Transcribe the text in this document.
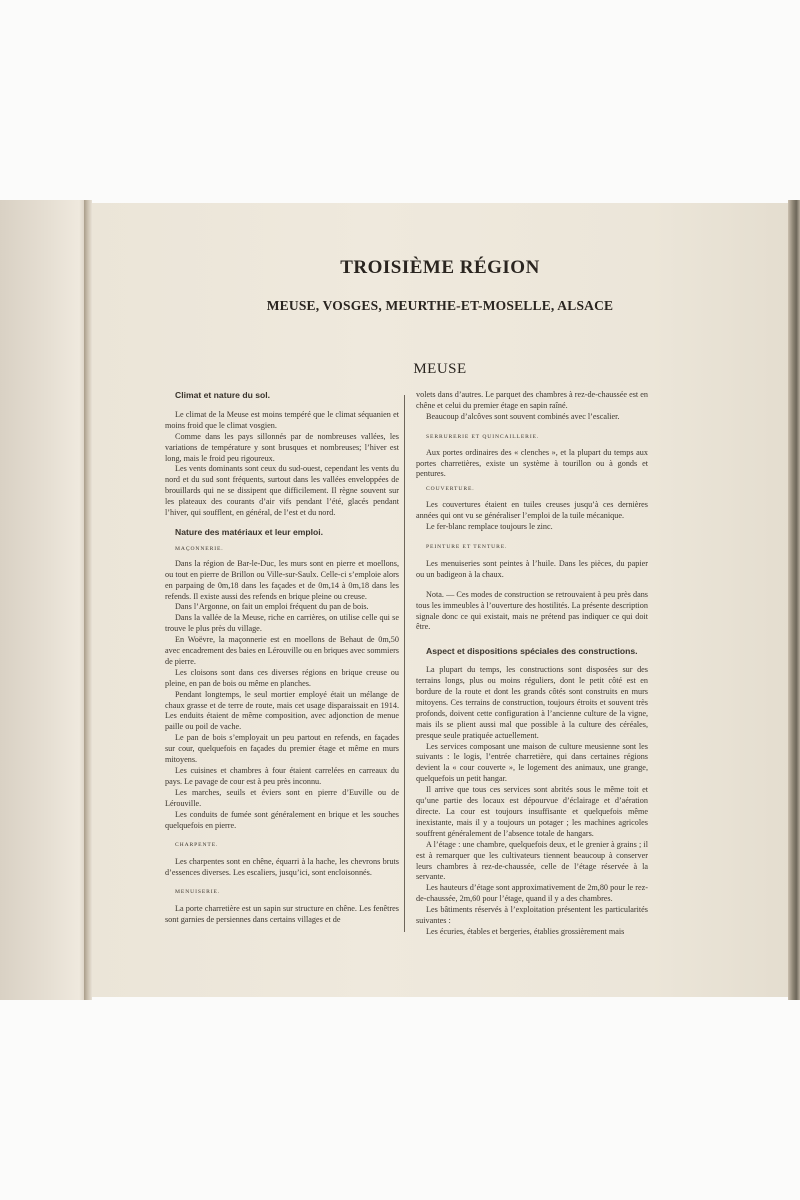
TROISIÈME RÉGION
MEUSE, VOSGES, MEURTHE-ET-MOSELLE, ALSACE
MEUSE

Climat et nature du sol.

Le climat de la Meuse est moins tempéré que le climat séquanien et moins froid que le climat vosgien.

Comme dans les pays sillonnés par de nombreuses vallées, les variations de température y sont brusques et nombreuses; l’hiver est long, mais le froid peu rigoureux.

Les vents dominants sont ceux du sud-ouest, cependant les vents du nord et du sud sont fréquents, surtout dans les vallées enveloppées de brouillards qui ne se dissipent que difficilement. Il règne souvent sur les plateaux des courants d’air vifs pendant l’été, glacés pendant l’hiver, qui soufflent, en général, de l’est et du nord.

Nature des matériaux et leur emploi.

MAÇONNERIE.

Dans la région de Bar-le-Duc, les murs sont en pierre et moellons, ou tout en pierre de Brillon ou Ville-sur-Saulx. Celle-ci s’emploie alors en parpaing de 0m,18 dans les façades et de 0m,14 à 0m,18 dans les refends. Il existe aussi des refends en brique pleine ou creuse.

Dans l’Argonne, on fait un emploi fréquent du pan de bois.

Dans la vallée de la Meuse, riche en carrières, on utilise celle qui se trouve le plus près du village.

En Woëvre, la maçonnerie est en moellons de Behaut de 0m,50 avec encadrement des baies en Lérouville ou en briques avec sommiers de pierre.

Les cloisons sont dans ces diverses régions en brique creuse ou pleine, en pan de bois ou même en planches.

Pendant longtemps, le seul mortier employé était un mélange de chaux grasse et de terre de route, mais cet usage disparaissait en 1914. Les enduits étaient de même composition, avec adjonction de menue paille ou poil de vache.

Le pan de bois s’employait un peu partout en refends, en façades sur cour, quelquefois en façades du premier étage et même en murs mitoyens.

Les cuisines et chambres à four étaient carrelées en carreaux du pays. Le pavage de cour est à peu près inconnu.

Les marches, seuils et éviers sont en pierre d’Euville ou de Lérouville.

Les conduits de fumée sont généralement en brique et les souches quelquefois en pierre.

CHARPENTE.

Les charpentes sont en chêne, équarri à la hache, les chevrons bruts d’essences diverses. Les escaliers, jusqu’ici, sont encloisonnés.

MENUISERIE.

La porte charretière est un sapin sur structure en chêne. Les fenêtres sont garnies de persiennes dans certains villages et de

volets dans d’autres. Le parquet des chambres à rez-de-chaussée est en chêne et celui du premier étage en sapin raîné.

Beaucoup d’alcôves sont souvent combinés avec l’escalier.

SERRURERIE ET QUINCAILLERIE.

Aux portes ordinaires des « clenches », et la plupart du temps aux portes charretières, existe un système à tourillon ou à gonds et pentures.

COUVERTURE.

Les couvertures étaient en tuiles creuses jusqu’à ces dernières années qui ont vu se généraliser l’emploi de la tuile mécanique.

Le fer-blanc remplace toujours le zinc.

PEINTURE ET TENTURE.

Les menuiseries sont peintes à l’huile. Dans les pièces, du papier ou un badigeon à la chaux.

Nota. — Ces modes de construction se retrouvaient à peu près dans tous les immeubles à l’ouverture des hostilités. La présente description signale donc ce qui existait, mais ne prétend pas indiquer ce qui doit être.

Aspect et dispositions spéciales des constructions.

La plupart du temps, les constructions sont disposées sur des terrains longs, plus ou moins réguliers, dont le petit côté est en bordure de la route et dont les grands côtés sont construits en murs mitoyens. Ces terrains de construction, toujours étroits et souvent très profonds, doivent cette configuration à l’ancienne culture de la vigne, mais ils se plient aussi mal que possible à la culture des céréales, presque seule pratiquée actuellement.

Les services composant une maison de culture meusienne sont les suivants : le logis, l’entrée charretière, qui dans certaines régions devient la « cour couverte », le logement des animaux, une grange, quelquefois un petit hangar.

Il arrive que tous ces services sont abrités sous le même toit et qu’une partie des locaux est dépourvue d’éclairage et d’aération directe. La cour est toujours insuffisante et quelquefois même inexistante, mais il y a toujours un potager ; les machines agricoles souffrent généralement de l’absence totale de hangars.

A l’étage : une chambre, quelquefois deux, et le grenier à grains ; il est à remarquer que les cultivateurs tiennent beaucoup à conserver leurs chambres à rez-de-chaussée, celle de l’étage réservée à la servante.

Les hauteurs d’étage sont approximativement de 2m,80 pour le rez-de-chaussée, 2m,60 pour l’étage, quand il y a des chambres.

Les bâtiments réservés à l’exploitation présentent les particularités suivantes :

Les écuries, étables et bergeries, établies grossièrement mais
